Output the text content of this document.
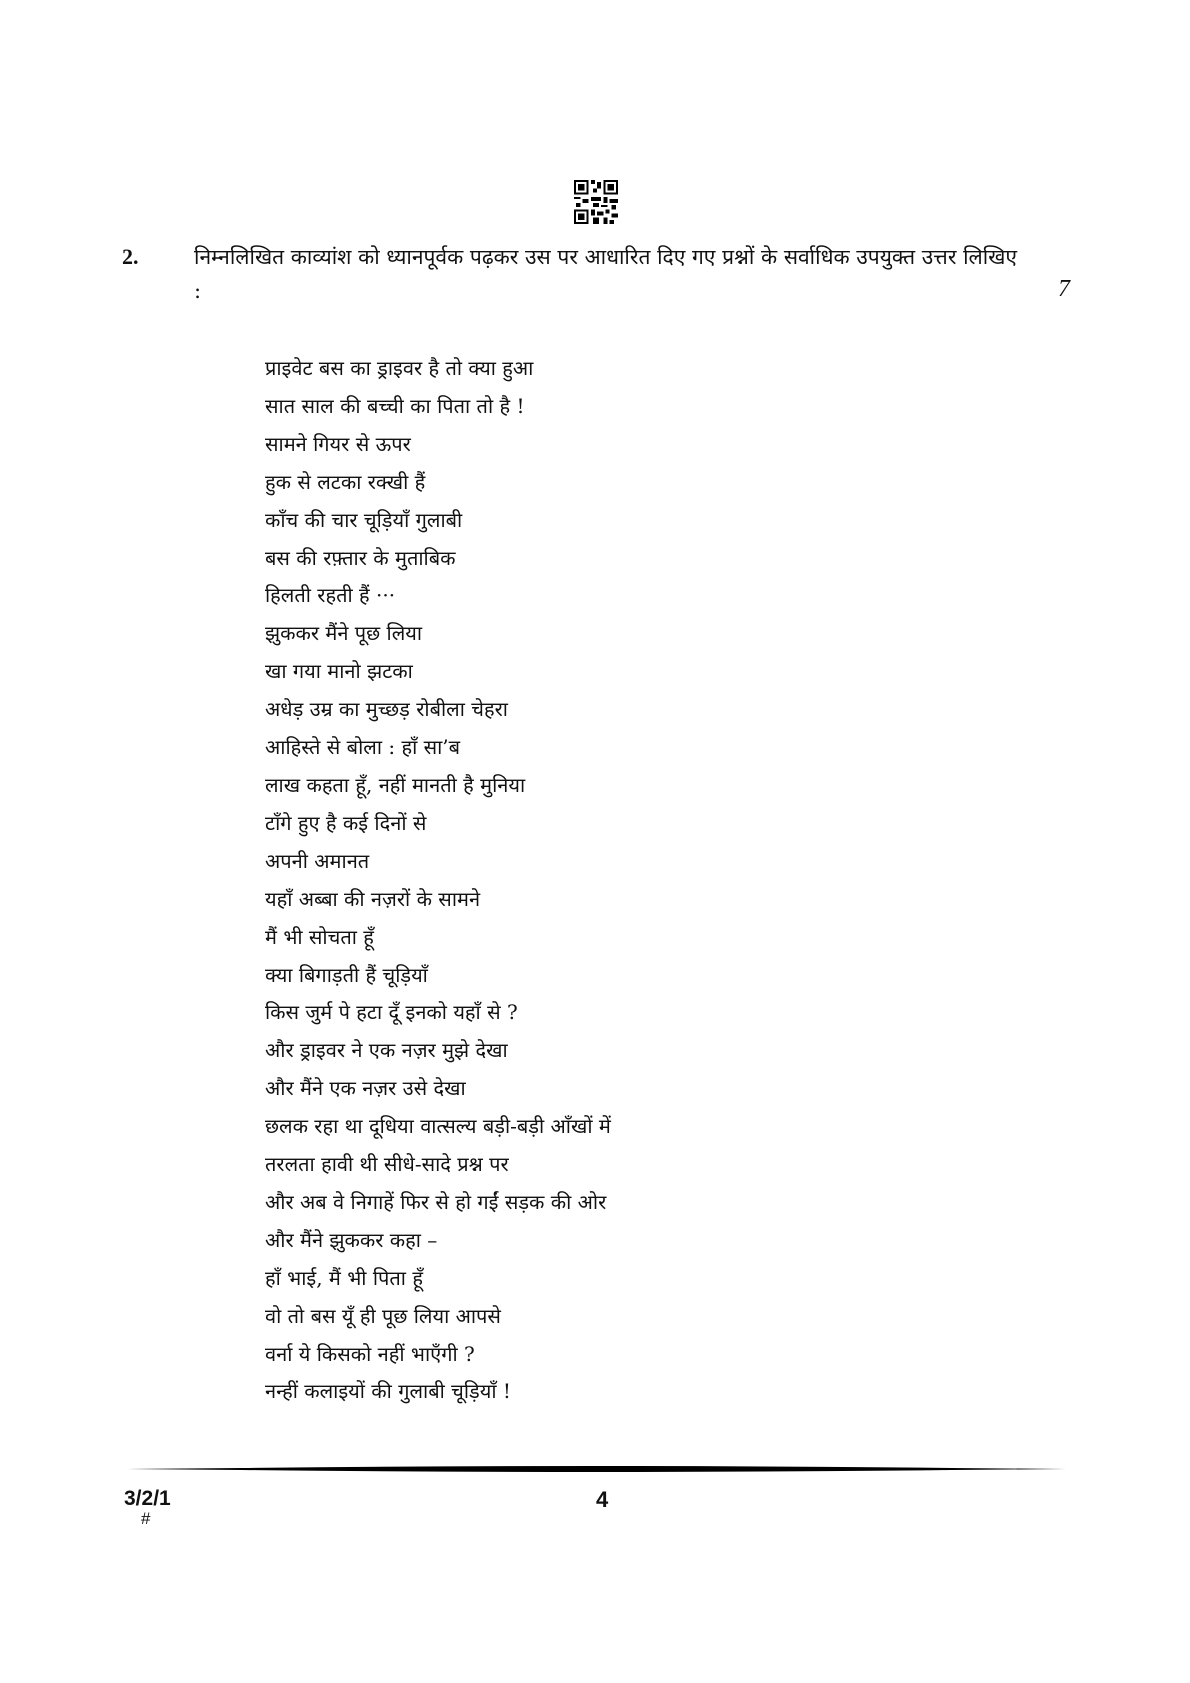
2.	निम्नलिखित काव्यांश को ध्यानपूर्वक पढ़कर उस पर आधारित दिए गए प्रश्नों के सर्वाधिक उपयुक्त उत्तर लिखिए :	7
प्राइवेट बस का ड्राइवर है तो क्या हुआ
सात साल की बच्ची का पिता तो है !
सामने गियर से ऊपर
हुक से लटका रक्खी हैं
काँच की चार चूड़ियाँ गुलाबी
बस की रफ़्तार के मुताबिक
हिलती रहती हैं ···
झुककर मैंने पूछ लिया
खा गया मानो झटका
अधेड़ उम्र का मुच्छड़ रोबीला चेहरा
आहिस्ते से बोला : हाँ सा’ब
लाख कहता हूँ, नहीं मानती है मुनिया
टाँगे हुए है कई दिनों से
अपनी अमानत
यहाँ अब्बा की नज़रों के सामने
मैं भी सोचता हूँ
क्या बिगाड़ती हैं चूड़ियाँ
किस जुर्म पे हटा दूँ इनको यहाँ से ?
और ड्राइवर ने एक नज़र मुझे देखा
और मैंने एक नज़र उसे देखा
छलक रहा था दूधिया वात्सल्य बड़ी-बड़ी आँखों में
तरलता हावी थी सीधे-सादे प्रश्न पर
और अब वे निगाहें फिर से हो गईं सड़क की ओर
और मैंने झुककर कहा –
हाँ भाई, मैं भी पिता हूँ
वो तो बस यूँ ही पूछ लिया आपसे
वर्ना ये किसको नहीं भाएँगी ?
नन्हीं कलाइयों की गुलाबी चूड़ियाँ !
3/2/1
#
4
